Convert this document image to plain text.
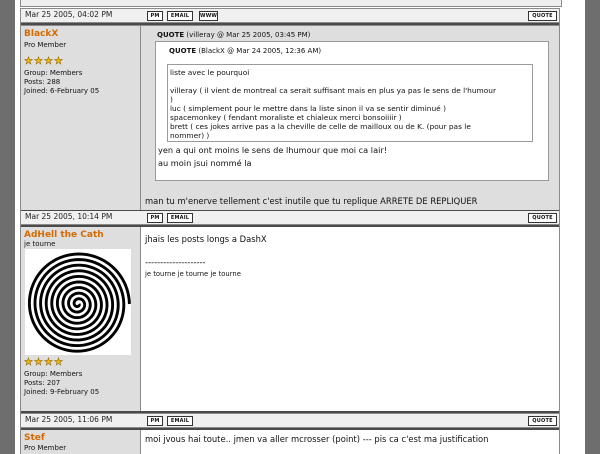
Mar 25 2005, 04:02 PM	PM	EMAIL	WWW	QUOTE
BlackX
Pro Member
★ ★ ★ ★
Group: Members
Posts: 288
Joined: 6-February 05
QUOTE (villeray @ Mar 25 2005, 03:45 PM)
QUOTE (BlackX @ Mar 24 2005, 12:36 AM)
liste avec le pourquoi
villeray ( il vient de montreal ca serait suffisant mais en plus ya pas le sens de l'humour
)
luc ( simplement pour le mettre dans la liste sinon il va se sentir diminué )
spacemonkey ( fendant moraliste et chialeux merci bonsoiiiir )
brett ( ces jokes arrive pas a la cheville de celle de mailloux ou de K. (pour pas le
nommer) )
yen a qui ont moins le sens de lhumour que moi ca lair!
au moin jsui nommé la
man tu m'enerve tellement c'est inutile que tu replique ARRETE DE REPLIQUER
Mar 25 2005, 10:14 PM	PM	EMAIL	QUOTE
AdHell the Cath
je tourne
★ ★ ★ ★
Group: Members
Posts: 207
Joined: 9-February 05
jhais les posts longs a DashX
--------------------
je tourne je tourne je tourne
Mar 25 2005, 11:06 PM	PM	EMAIL	QUOTE
Stef
Pro Member
moi jvous hai toute.. jmen va aller mcrosser (point) --- pis ca c'est ma justification
